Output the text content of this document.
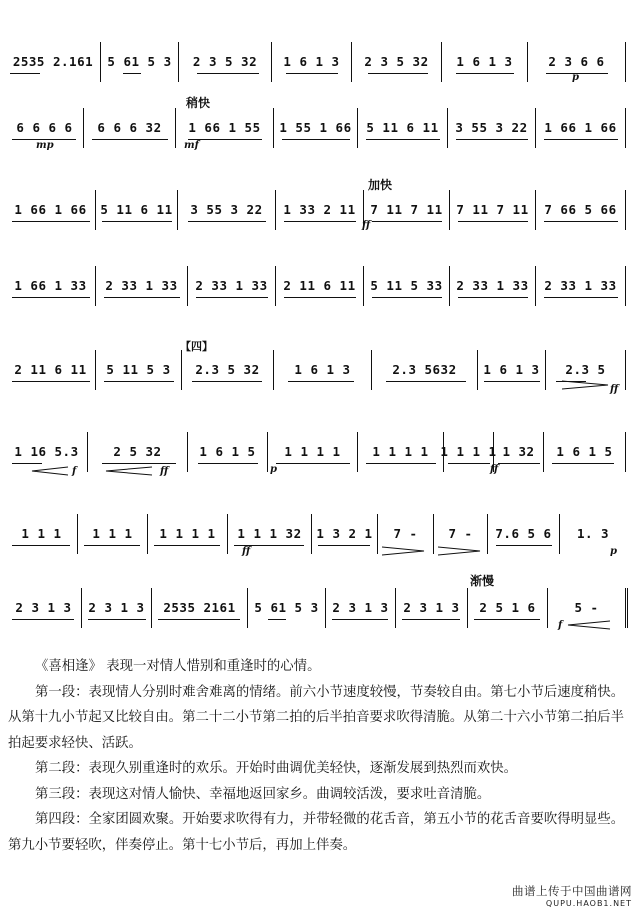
2535 2.161 5 61 5 3 2 3 5 32 1 6 1 3 2 3 5 32 1 6 1 3	2 3 6 6
p
6 6 6 6 6 6 6 32 1 66 1 55 1 55 1 66 5 11 6 11 3 55 3 22 1 66 1 66
mp	mf
稍快
1 66 1 66 5 11 6 11 3 55 3 22 1 33 2 11 7 11 7 11 7 11 7 11 7 66 5 66
ff
加快
1 66 1 33 2 33 1 33 2 33 1 33 2 11 6 11 5 11 5 33 2 33 1 33 2 33 1 33
2 11 6 11 5 11 5 3 2.3 5 32	1 6 1 3	2.3 5632 1 6 1 3 2.3 5
ff
【四】
1 16 5.3	2 5 32	1 6 1 5 1 1 1 1	1 1 1 1 1 1 1 1 1 32 1 6 1 5
f	ff	p	ff
1 1 1 1 1 1 1 1 1 1 1 1 1 32 1 3 2 1 7 - 7 - 7.6 5 6 1. 3
ff	p
2 3 1 3 2 3 1 3 2535 2161 5 61 5 3 2 3 1 3 2 3 1 3 2 5 1 6	5 -
f
渐慢

《喜相逢》 表现一对情人惜别和重逢时的心情。

第一段：表现情人分别时难舍难离的情绪。前六小节速度较慢，节奏较自由。第七小节后速度稍快。从第十九小节起又比较自由。第二十二小节第二拍的后半拍音要求吹得清脆。从第二十六小节第二拍后半拍起要求轻快、活跃。

第二段：表现久别重逢时的欢乐。开始时曲调优美轻快，逐渐发展到热烈而欢快。

第三段：表现这对情人愉快、幸福地返回家乡。曲调较活泼，要求吐音清脆。

第四段：全家团圆欢聚。开始要求吹得有力，并带轻微的花舌音，第五小节的花舌音要吹得明显些。第九小节要轻吹，伴奏停止。第十七小节后，再加上伴奏。

曲谱上传于中国曲谱网
QUPU.HAOB1.NET
